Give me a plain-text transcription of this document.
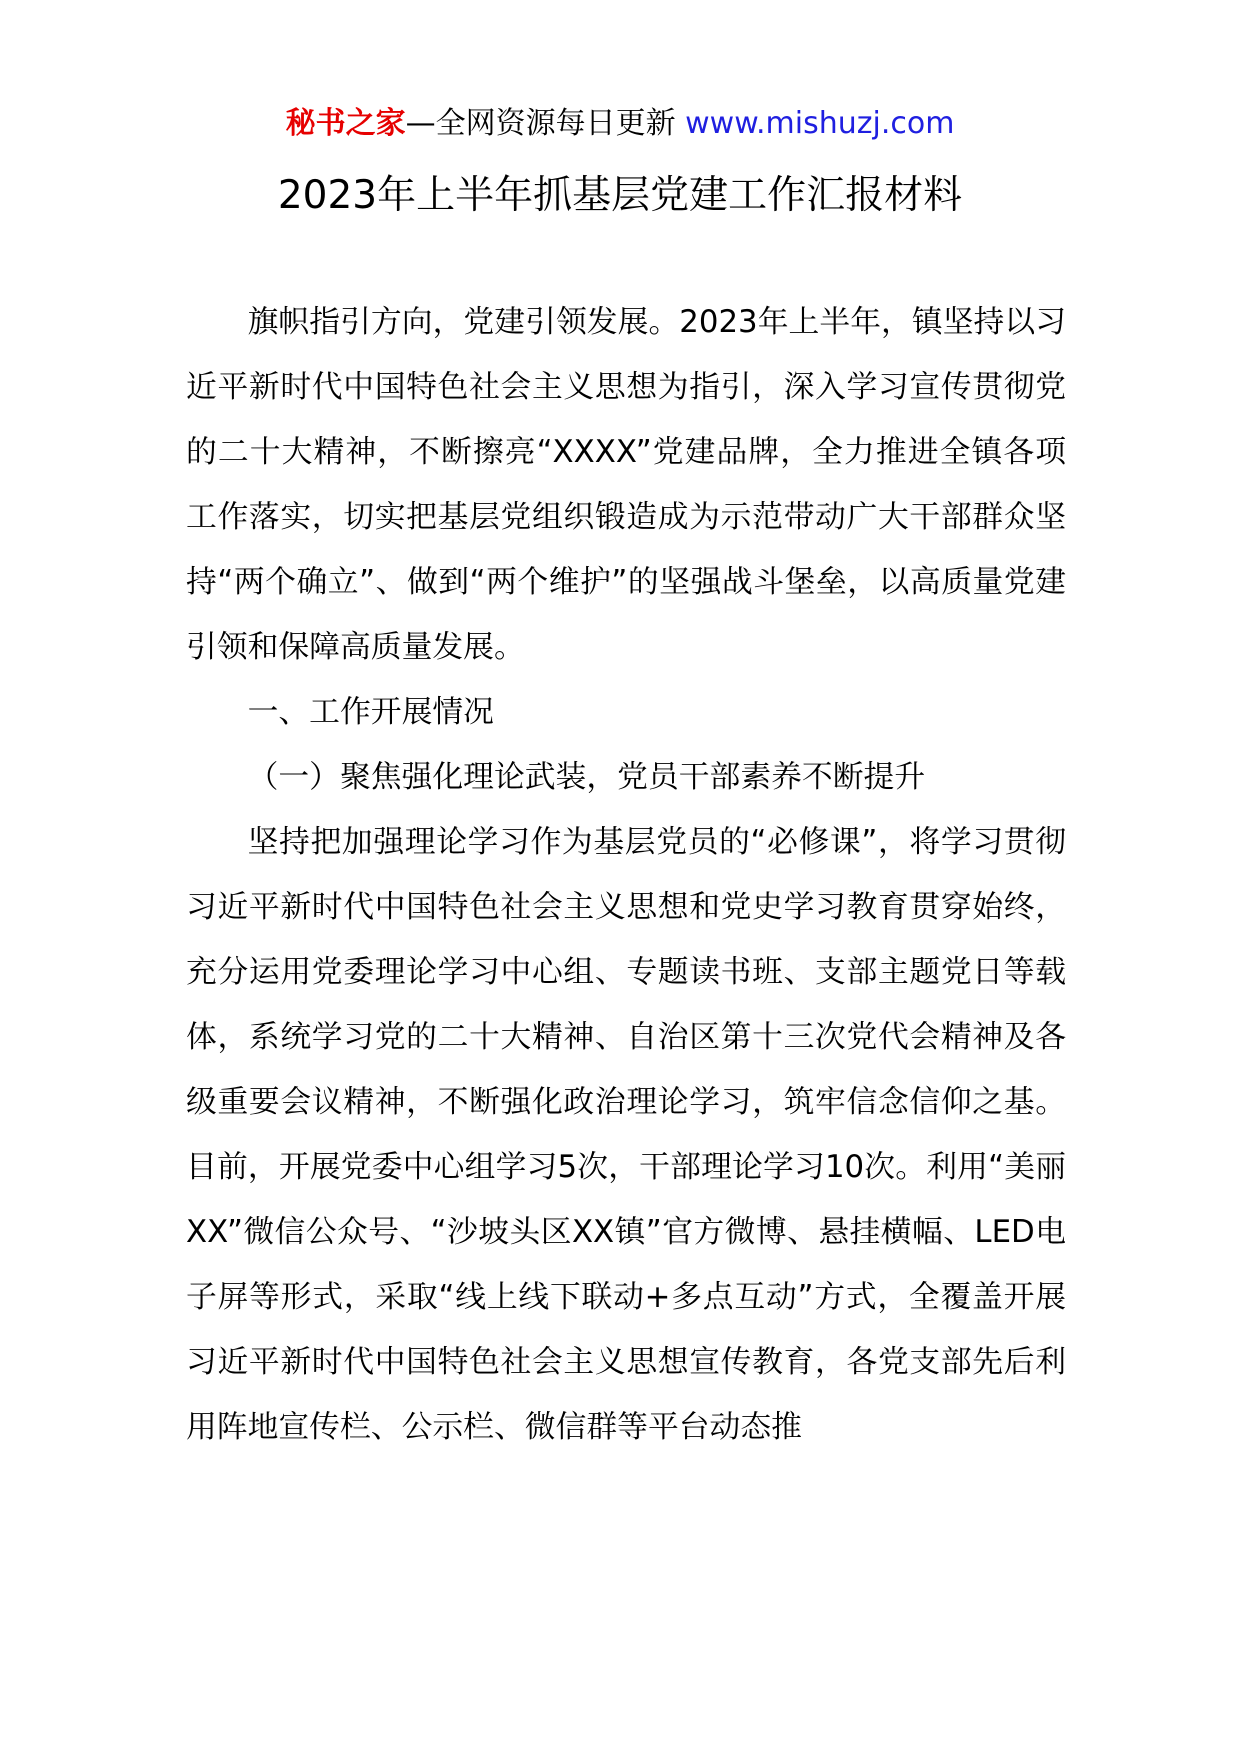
秘书之家—全网资源每日更新 www.mishuzj.com
2023年上半年抓基层党建工作汇报材料

旗帜指引方向，党建引领发展。2023年上半年，镇坚持以习近平新时代中国特色社会主义思想为指引，深入学习宣传贯彻党的二十大精神，不断擦亮“XXXX”党建品牌，全力推进全镇各项工作落实，切实把基层党组织锻造成为示范带动广大干部群众坚持“两个确立”、做到“两个维护”的坚强战斗堡垒，以高质量党建引领和保障高质量发展。

一、工作开展情况

（一）聚焦强化理论武装，党员干部素养不断提升

坚持把加强理论学习作为基层党员的“必修课”，将学习贯彻习近平新时代中国特色社会主义思想和党史学习教育贯穿始终，充分运用党委理论学习中心组、专题读书班、支部主题党日等载体，系统学习党的二十大精神、自治区第十三次党代会精神及各级重要会议精神，不断强化政治理论学习，筑牢信念信仰之基。目前，开展党委中心组学习5次，干部理论学习10次。利用“美丽XX”微信公众号、“沙坡头区XX镇”官方微博、悬挂横幅、LED电子屏等形式，采取“线上线下联动+多点互动”方式，全覆盖开展习近平新时代中国特色社会主义思想宣传教育，各党支部先后利用阵地宣传栏、公示栏、微信群等平台动态推
